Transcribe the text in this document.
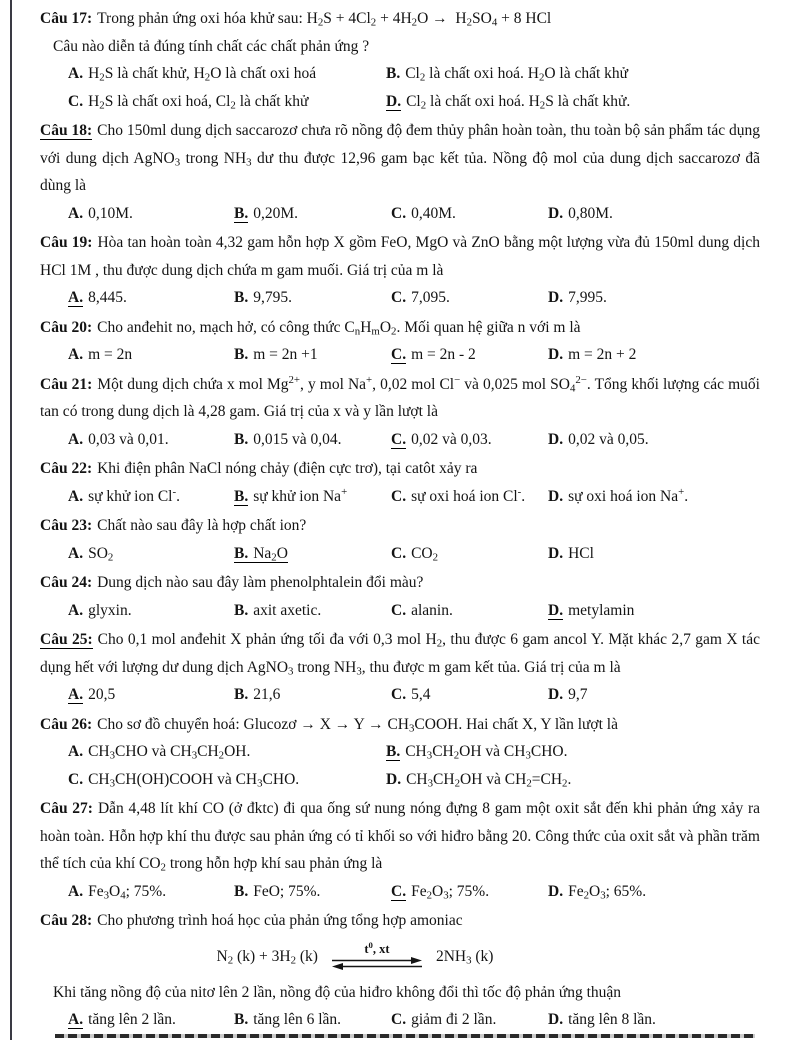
Câu 17: Trong phản ứng oxi hóa khử sau: $H_2S + 4Cl_2 + 4H_2O \to H_2SO_4 + 8$ HCl

Câu nào diễn tả đúng tính chất các chất phản ứng ?

A. $H_2S$ là chất khử, $H_2O$ là chất oxi hoá	B. $Cl_2$ là chất oxi hoá. $H_2O$ là chất khử
C. $H_2S$ là chất oxi hoá, $Cl_2$ là chất khử	D. $Cl_2$ là chất oxi hoá. $H_2S$ là chất khử.

Câu 18: Cho 150ml dung dịch saccarozơ chưa rõ nồng độ đem thủy phân hoàn toàn, thu toàn bộ sản phẩm tác dụng với dung dịch AgNO$_3$ trong $NH_3$ dư thu được 12,96 gam bạc kết tủa. Nồng độ mol của dung dịch saccarozơ đã dùng là

A. 0,10M.	B. 0,20M.	C. 0,40M.	D. 0,80M.

Câu 19: Hòa tan hoàn toàn 4,32 gam hỗn hợp X gồm FeO, MgO và ZnO bằng một lượng vừa đủ 150ml dung dịch HCl 1M , thu được dung dịch chứa m gam muối. Giá trị của m là

A. 8,445.	B. 9,795.	C. 7,095.	D. 7,995.

Câu 20: Cho anđehit no, mạch hở, có công thức $C_nH_mO_2$. Mối quan hệ giữa n với m là

A. m = 2n	B. m = 2n +1	C. m = 2n - 2	D. m = 2n + 2

Câu 21: Một dung dịch chứa x mol $Mg^{2+}$, y mol Na+, 0,02 mol Cl− và 0,025 mol $SO_4^{2-}$. Tổng khối lượng các muối tan có trong dung dịch là 4,28 gam. Giá trị của x và y lần lượt là

A. 0,03 và 0,01.	B. 0,015 và 0,04.	C. 0,02 và 0,03.	D. 0,02 và 0,05.

Câu 22: Khi điện phân NaCl nóng chảy (điện cực trơ), tại catôt xảy ra

A. sự khử ion Cl-.	B. sự khử ion Na+	C. sự oxi hoá ion Cl-.	D. sự oxi hoá ion Na+.

Câu 23: Chất nào sau đây là hợp chất ion?

A. $SO_2$	B. $Na_2O$	C. $CO_2$	D. HCl

Câu 24: Dung dịch nào sau đây làm phenolphtalein đổi màu?

A. glyxin.	B. axit axetic.	C. alanin.	D. metylamin

Câu 25: Cho 0,1 mol anđehit X phản ứng tối đa với 0,3 mol $H_2$, thu được 6 gam ancol Y. Mặt khác 2,7 gam X tác dụng hết với lượng dư dung dịch AgNO$_3$ trong $NH_3$, thu được m gam kết tủa. Giá trị của m là

A. 20,5	B. 21,6	C. 5,4	D. 9,7

Câu 26: Cho sơ đồ chuyển hoá: Glucozơ → $X \to Y \to CH_3COOH$. Hai chất X, Y lần lượt là

A. $CH_3CHO$ và $CH_3CH_2OH$.	B. $CH_3CH_2OH$ và $CH_3CHO$.
C. $CH_3CH(OH)COOH$ và $CH_3CHO$.	D. $CH_3CH_2OH$ và $CH_2=CH_2$.

Câu 27: Dẫn 4,48 lít khí CO (ở đktc) đi qua ống sứ nung nóng đựng 8 gam một oxit sắt đến khi phản ứng xảy ra hoàn toàn. Hỗn hợp khí thu được sau phản ứng có tỉ khối so với hiđro bằng 20. Công thức của oxit sắt và phần trăm thể tích của khí $CO_2$ trong hỗn hợp khí sau phản ứng là

A. $Fe_3O_4$; 75%.	B. FeO; 75%.	C. $Fe_2O_3$; 75%.	D. $Fe_2O_3$; 65%.

Câu 28: Cho phương trình hoá học của phản ứng tổng hợp amoniac

$N_2$ $(k) + 3H_2$ (k)	$t^0$, xt	$2NH_3$ (k)

Khi tăng nồng độ của nitơ lên 2 lần, nồng độ của hiđro không đổi thì tốc độ phản ứng thuận

A. tăng lên 2 lần.	B. tăng lên 6 lần.	C. giảm đi 2 lần.	D. tăng lên 8 lần.
